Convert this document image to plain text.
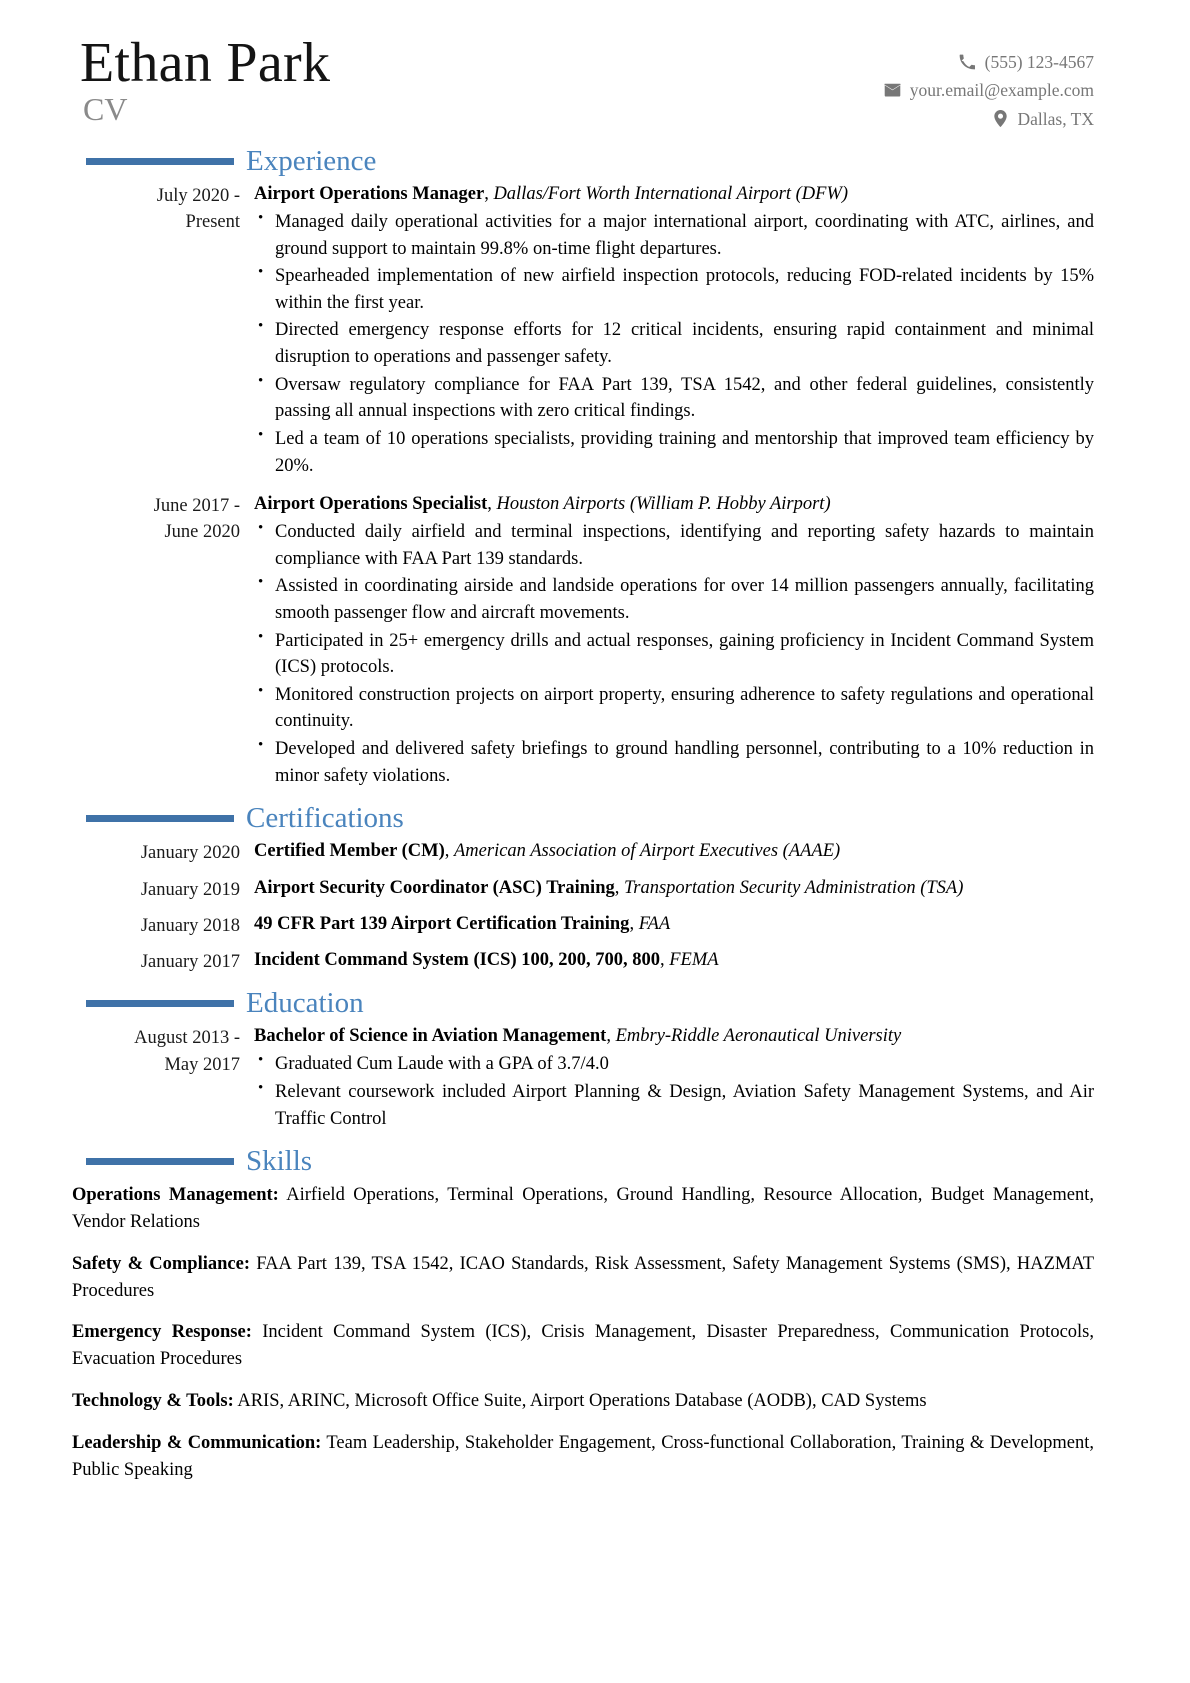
Ethan Park
CV
(555) 123-4567
your.email@example.com
Dallas, TX
Experience
July 2020 -
Present
Airport Operations Manager, Dallas/Fort Worth International Airport (DFW)
• Managed daily operational activities for a major international airport, coordinating with ATC, airlines, and ground support to maintain 99.8% on-time flight departures.
• Spearheaded implementation of new airfield inspection protocols, reducing FOD-related incidents by 15% within the first year.
• Directed emergency response efforts for 12 critical incidents, ensuring rapid containment and minimal disruption to operations and passenger safety.
• Oversaw regulatory compliance for FAA Part 139, TSA 1542, and other federal guidelines, consistently passing all annual inspections with zero critical findings.
• Led a team of 10 operations specialists, providing training and mentorship that improved team efficiency by 20%.
June 2017 -
June 2020
Airport Operations Specialist, Houston Airports (William P. Hobby Airport)
• Conducted daily airfield and terminal inspections, identifying and reporting safety hazards to maintain compliance with FAA Part 139 standards.
• Assisted in coordinating airside and landside operations for over 14 million passengers annually, facilitating smooth passenger flow and aircraft movements.
• Participated in 25+ emergency drills and actual responses, gaining proficiency in Incident Command System (ICS) protocols.
• Monitored construction projects on airport property, ensuring adherence to safety regulations and operational continuity.
• Developed and delivered safety briefings to ground handling personnel, contributing to a 10% reduction in minor safety violations.
Certifications
January 2020 Certified Member (CM), American Association of Airport Executives (AAAE)
January 2019 Airport Security Coordinator (ASC) Training, Transportation Security Administration (TSA)
January 2018 49 CFR Part 139 Airport Certification Training, FAA
January 2017 Incident Command System (ICS) 100, 200, 700, 800, FEMA
Education
August 2013 -
May 2017
Bachelor of Science in Aviation Management, Embry-Riddle Aeronautical University
• Graduated Cum Laude with a GPA of 3.7/4.0
• Relevant coursework included Airport Planning & Design, Aviation Safety Management Systems, and Air Traffic Control
Skills
Operations Management: Airfield Operations, Terminal Operations, Ground Handling, Resource Allocation, Budget Management, Vendor Relations
Safety & Compliance: FAA Part 139, TSA 1542, ICAO Standards, Risk Assessment, Safety Management Systems (SMS), HAZMAT Procedures
Emergency Response: Incident Command System (ICS), Crisis Management, Disaster Preparedness, Communication Protocols, Evacuation Procedures
Technology & Tools: ARIS, ARINC, Microsoft Office Suite, Airport Operations Database (AODB), CAD Systems
Leadership & Communication: Team Leadership, Stakeholder Engagement, Cross-functional Collaboration, Training & Development, Public Speaking
